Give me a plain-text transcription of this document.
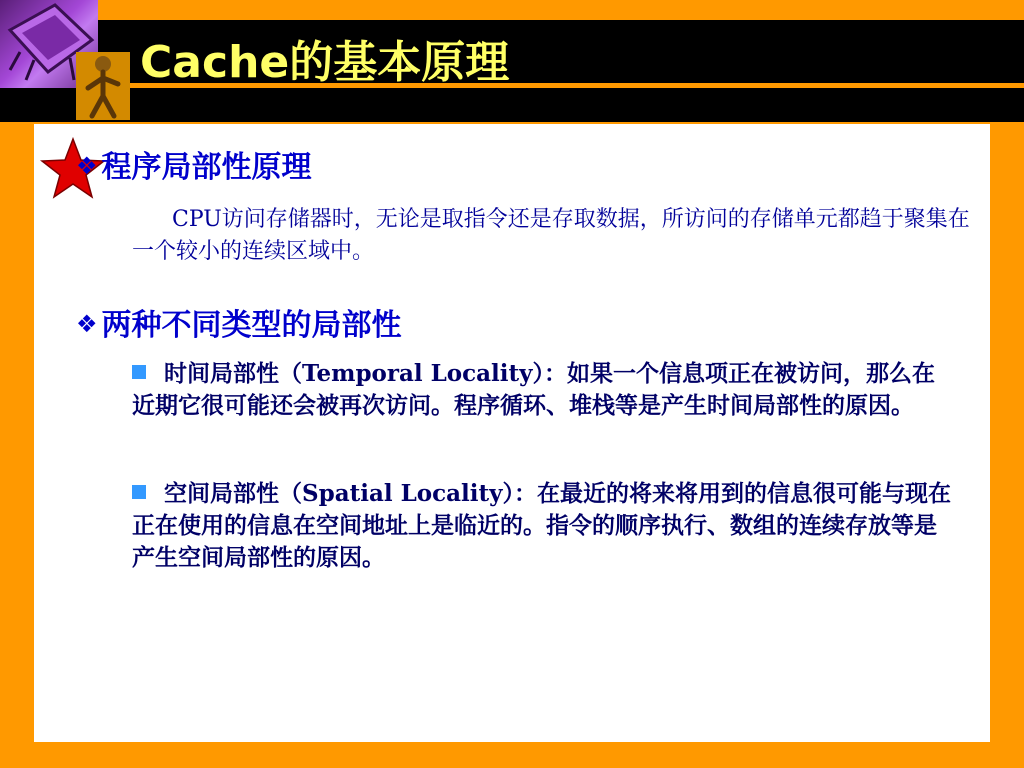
Cache的基本原理
❖ 程序局部性原理
CPU访问存储器时，无论是取指令还是存取数据，所访问的存储单元都趋于聚集在一个较小的连续区域中。
❖ 两种不同类型的局部性
时间局部性（Temporal Locality）：如果一个信息项正在被访问，那么在近期它很可能还会被再次访问。程序循环、堆栈等是产生时间局部性的原因。
空间局部性（Spatial Locality）：在最近的将来将用到的信息很可能与现在正在使用的信息在空间地址上是临近的。指令的顺序执行、数组的连续存放等是产生空间局部性的原因。
